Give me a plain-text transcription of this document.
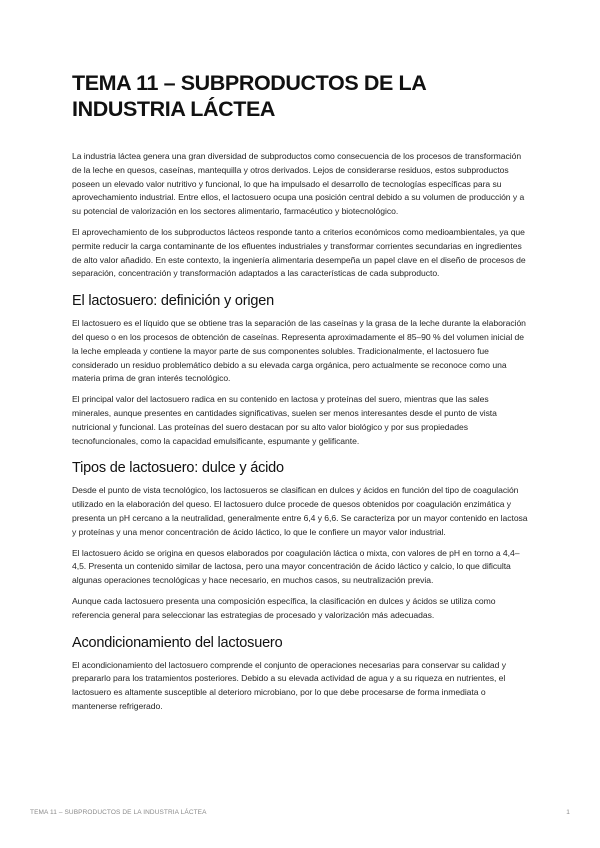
TEMA 11 – SUBPRODUCTOS DE LA INDUSTRIA LÁCTEA

La industria láctea genera una gran diversidad de subproductos como consecuencia de los procesos de transformación de la leche en quesos, caseínas, mantequilla y otros derivados. Lejos de considerarse residuos, estos subproductos poseen un elevado valor nutritivo y funcional, lo que ha impulsado el desarrollo de tecnologías específicas para su aprovechamiento industrial. Entre ellos, el lactosuero ocupa una posición central debido a su volumen de producción y a su potencial de valorización en los sectores alimentario, farmacéutico y biotecnológico.

El aprovechamiento de los subproductos lácteos responde tanto a criterios económicos como medioambientales, ya que permite reducir la carga contaminante de los efluentes industriales y transformar corrientes secundarias en ingredientes de alto valor añadido. En este contexto, la ingeniería alimentaria desempeña un papel clave en el diseño de procesos de separación, concentración y transformación adaptados a las características de cada subproducto.

El lactosuero: definición y origen

El lactosuero es el líquido que se obtiene tras la separación de las caseínas y la grasa de la leche durante la elaboración del queso o en los procesos de obtención de caseínas. Representa aproximadamente el 85–90 % del volumen inicial de la leche empleada y contiene la mayor parte de sus componentes solubles. Tradicionalmente, el lactosuero fue considerado un residuo problemático debido a su elevada carga orgánica, pero actualmente se reconoce como una materia prima de gran interés tecnológico.

El principal valor del lactosuero radica en su contenido en lactosa y proteínas del suero, mientras que las sales minerales, aunque presentes en cantidades significativas, suelen ser menos interesantes desde el punto de vista nutricional y funcional. Las proteínas del suero destacan por su alto valor biológico y por sus propiedades tecnofuncionales, como la capacidad emulsificante, espumante y gelificante.

Tipos de lactosuero: dulce y ácido

Desde el punto de vista tecnológico, los lactosueros se clasifican en dulces y ácidos en función del tipo de coagulación utilizado en la elaboración del queso. El lactosuero dulce procede de quesos obtenidos por coagulación enzimática y presenta un pH cercano a la neutralidad, generalmente entre 6,4 y 6,6. Se caracteriza por un mayor contenido en lactosa y proteínas y una menor concentración de ácido láctico, lo que le confiere un mayor valor industrial.

El lactosuero ácido se origina en quesos elaborados por coagulación láctica o mixta, con valores de pH en torno a 4,4–4,5. Presenta un contenido similar de lactosa, pero una mayor concentración de ácido láctico y calcio, lo que dificulta algunas operaciones tecnológicas y hace necesario, en muchos casos, su neutralización previa.

Aunque cada lactosuero presenta una composición específica, la clasificación en dulces y ácidos se utiliza como referencia general para seleccionar las estrategias de procesado y valorización más adecuadas.

Acondicionamiento del lactosuero

El acondicionamiento del lactosuero comprende el conjunto de operaciones necesarias para conservar su calidad y prepararlo para los tratamientos posteriores. Debido a su elevada actividad de agua y a su riqueza en nutrientes, el lactosuero es altamente susceptible al deterioro microbiano, por lo que debe procesarse de forma inmediata o mantenerse refrigerado.

TEMA 11 – SUBPRODUCTOS DE LA INDUSTRIA LÁCTEA	1
